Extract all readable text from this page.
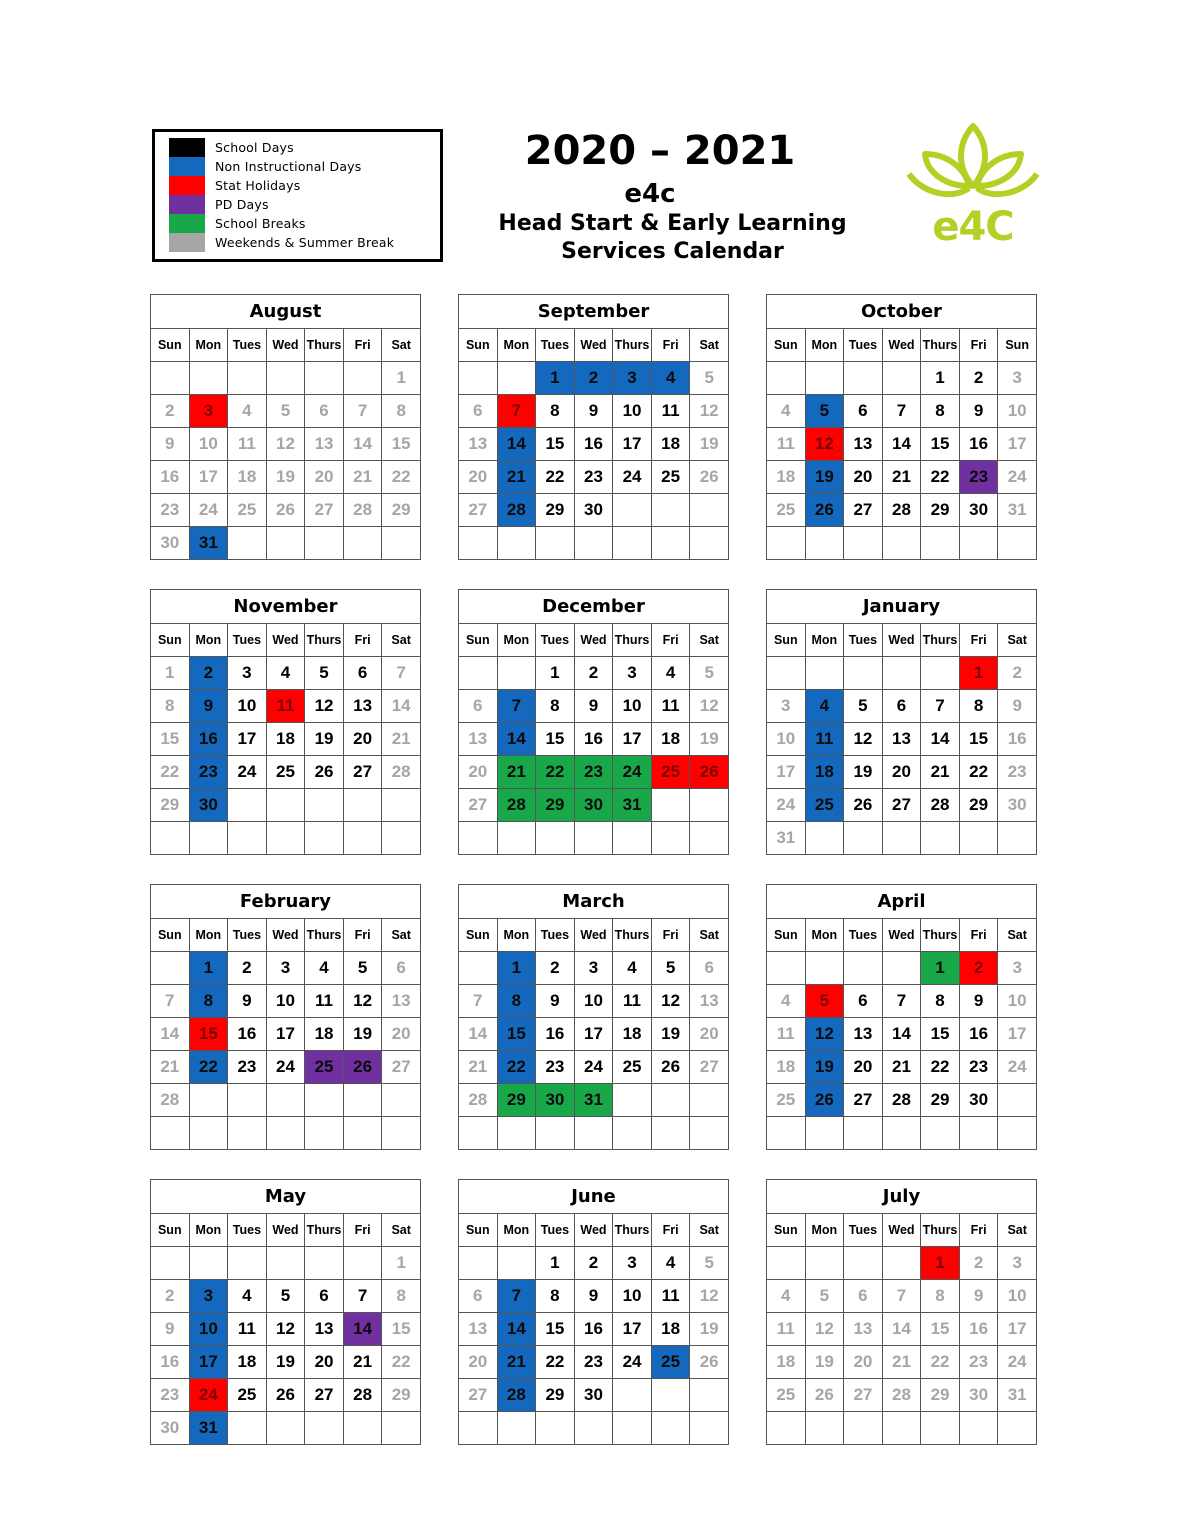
School Days
Non Instructional Days
Stat Holidays
PD Days
School Breaks
Weekends & Summer Break
2020 – 2021
e4c
Head Start & Early Learning
Services Calendar
e4C
August						
Sun	Mon	Tues	Wed	Thurs	Fri	Sat
						1
2	3	4	5	6	7	8
9	10	11	12	13	14	15
16	17	18	19	20	21	22
23	24	25	26	27	28	29
30	31					
September						
Sun	Mon	Tues	Wed	Thurs	Fri	Sat
		1	2	3	4	5
6	7	8	9	10	11	12
13	14	15	16	17	18	19
20	21	22	23	24	25	26
27	28	29	30			

October						
Sun	Mon	Tues	Wed	Thurs	Fri	Sun
				1	2	3
4	5	6	7	8	9	10
11	12	13	14	15	16	17
18	19	20	21	22	23	24
25	26	27	28	29	30	31

November						
Sun	Mon	Tues	Wed	Thurs	Fri	Sat
1	2	3	4	5	6	7
8	9	10	11	12	13	14
15	16	17	18	19	20	21
22	23	24	25	26	27	28
29	30					

December						
Sun	Mon	Tues	Wed	Thurs	Fri	Sat
		1	2	3	4	5
6	7	8	9	10	11	12
13	14	15	16	17	18	19
20	21	22	23	24	25	26
27	28	29	30	31		

January						
Sun	Mon	Tues	Wed	Thurs	Fri	Sat
					1	2
3	4	5	6	7	8	9
10	11	12	13	14	15	16
17	18	19	20	21	22	23
24	25	26	27	28	29	30
31						
February						
Sun	Mon	Tues	Wed	Thurs	Fri	Sat
	1	2	3	4	5	6
7	8	9	10	11	12	13
14	15	16	17	18	19	20
21	22	23	24	25	26	27
28						

March						
Sun	Mon	Tues	Wed	Thurs	Fri	Sat
	1	2	3	4	5	6
7	8	9	10	11	12	13
14	15	16	17	18	19	20
21	22	23	24	25	26	27
28	29	30	31			

April						
Sun	Mon	Tues	Wed	Thurs	Fri	Sat
				1	2	3
4	5	6	7	8	9	10
11	12	13	14	15	16	17
18	19	20	21	22	23	24
25	26	27	28	29	30	

May						
Sun	Mon	Tues	Wed	Thurs	Fri	Sat
						1
2	3	4	5	6	7	8
9	10	11	12	13	14	15
16	17	18	19	20	21	22
23	24	25	26	27	28	29
30	31					
June						
Sun	Mon	Tues	Wed	Thurs	Fri	Sat
		1	2	3	4	5
6	7	8	9	10	11	12
13	14	15	16	17	18	19
20	21	22	23	24	25	26
27	28	29	30			

July						
Sun	Mon	Tues	Wed	Thurs	Fri	Sat
				1	2	3
4	5	6	7	8	9	10
11	12	13	14	15	16	17
18	19	20	21	22	23	24
25	26	27	28	29	30	31
